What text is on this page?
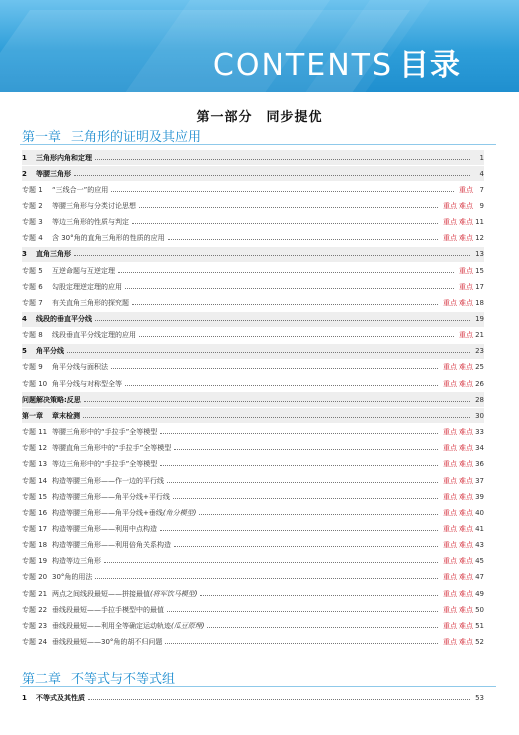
CONTENTS 目录
第一部分　同步提优
第一章 三角形的证明及其应用
第二章 不等式与不等式组
1 三角形内角和定理	1
2 等腰三角形	4
专题 1 “三线合一”的应用	重点 7
专题 2 等腰三角形与分类讨论思想	重点 难点 9
专题 3 等边三角形的性质与判定	重点 难点 11
专题 4 含 30°角的直角三角形的性质的应用	重点 难点 12
3 直角三角形	13
专题 5 互逆命题与互逆定理	重点 15
专题 6 勾股定理逆定理的应用	重点 17
专题 7 有关直角三角形的探究题	重点 难点 18
4 线段的垂直平分线	19
专题 8 线段垂直平分线定理的应用	重点 21
5 角平分线	23
专题 9 角平分线与面积法	重点 难点 25
专题 10 角平分线与对称型全等	重点 难点 26
问题解决策略:反思	28
第一章 章末检测	30
专题 11 等腰三角形中的“手拉手”全等模型	重点 难点 33
专题 12 等腰直角三角形中的“手拉手”全等模型	重点 难点 34
专题 13 等边三角形中的“手拉手”全等模型	重点 难点 36
专题 14 构造等腰三角形——作一边的平行线	重点 难点 37
专题 15 构造等腰三角形——角平分线+平行线	重点 难点 39
专题 16 构造等腰三角形——角平分线+垂线(角分模型)	重点 难点 40
专题 17 构造等腰三角形——利用中点构造	重点 难点 41
专题 18 构造等腰三角形——利用倍角关系构造	重点 难点 43
专题 19 构造等边三角形	重点 难点 45
专题 20 30°角的用法	重点 难点 47
专题 21 两点之间线段最短——拼接最值(将军饮马模型)	重点 难点 49
专题 22 垂线段最短——手拉手模型中的最值	重点 难点 50
专题 23 垂线段最短——利用全等确定运动轨迹(瓜豆原理)	重点 难点 51
专题 24 垂线段最短——30°角的胡不归问题	重点 难点 52
1 不等式及其性质	53
